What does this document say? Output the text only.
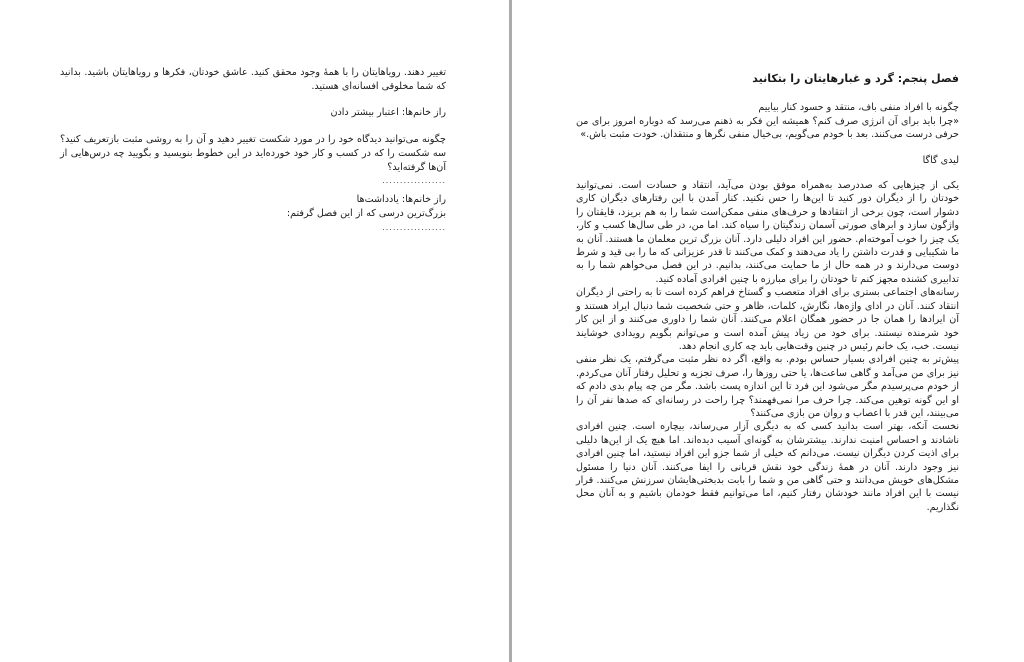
تغییر دهند. رویاهایتان را با همهٔ وجود محقق کنید. عاشق خودتان، فکرها و رویاهایتان باشید. بدانید که شما مخلوقی افسانه‌ای هستید.

راز خانم‌ها: اعتبار بیشتر دادن

چگونه می‌توانید دیدگاه خود را در مورد شکست تغییر دهید و آن را به روشی مثبت بازتعریف کنید؟ سه شکست را که در کسب و کار خود خورده‌اید در این خطوط بنویسید و بگویید چه درس‌هایی از آن‌ها گرفته‌اید؟

..................

راز خانم‌ها: یادداشت‌ها

بزرگ‌ترین درسی که از این فصل گرفتم:

..................

فصل پنجم: گرد و غبارهایتان را بتکانید

چگونه با افراد منفی باف، منتقد و حسود کنار بیاییم

«چرا باید برای آن انرژی صرف کنم؟ همیشه این فکر به ذهنم می‌رسد که دوباره امروز برای من حرفی درست می‌کنند. بعد با خودم می‌گویم، بی‌خیال منفی نگرها و منتقدان. خودت مثبت باش.»

لیدی گاگا

یکی از چیزهایی که صددرصد به‌همراه موفق بودن می‌آید، انتقاد و حسادت است. نمی‌توانید خودتان را از دیگران دور کنید تا این‌ها را حس نکنید. کنار آمدن با این رفتارهای دیگران کاری دشوار است، چون برخی از انتقادها و حرف‌های منفی ممکن‌است شما را به هم بریزد، قایقتان را واژگون سازد و ابرهای صورتی آسمان زندگیتان را سیاه کند. اما من، در طی سال‌ها کسب و کار، یک چیز را خوب آموخته‌ام. حضور این افراد دلیلی دارد. آنان بزرگ ترین معلمان ما هستند. آنان به ما شکیبایی و قدرت داشتن را یاد می‌دهند و کمک می‌کنند تا قدر عزیزانی که ما را بی قید و شرط دوست می‌دارند و در همه حال از ما حمایت می‌کنند، بدانیم. در این فصل می‌خواهم شما را به تدابیری کشنده مجهز کنم تا خودتان را برای مبارزه با چنین افرادی آماده کنید.

رسانه‌های اجتماعی بستری برای افراد متعصب و گستاخ فراهم کرده است تا به راحتی از دیگران انتقاد کنند. آنان در ادای واژه‌ها، نگارش، کلمات، ظاهر و حتی شخصیت شما دنبال ایراد هستند و آن ایرادها را همان جا در حضور همگان اعلام می‌کنند. آنان شما را داوری می‌کنند و از این کار خود شرمنده نیستند. برای خود من زیاد پیش آمده است و می‌توانم بگویم رویدادی خوشایند نیست. خب، یک خانم رئیس در چنین وقت‌هایی باید چه کاری انجام دهد.

پیش‌تر به چنین افرادی بسیار حساس بودم. به واقع، اگر ده نظر مثبت می‌گرفتم، یک نظر منفی نیز برای من می‌آمد و گاهی ساعت‌ها، یا حتی روزها را، صرف تجزیه و تحلیل رفتار آنان می‌کردم. از خودم می‌پرسیدم مگر می‌شود این فرد تا این اندازه پست باشد. مگر من چه پیام بدی دادم که او این گونه توهین می‌کند. چرا حرف مرا نمی‌فهمند؟ چرا راحت در رسانه‌ای که صدها نفر آن را می‌بینند، این قدر با اعصاب و روان من بازی می‌کنند؟

نخست آنکه، بهتر است بدانید کسی که به دیگری آزار می‌رساند، بیچاره است. چنین افرادی ناشادند و احساس امنیت ندارند. بیشترشان به گونه‌ای آسیب دیده‌اند. اما هیچ یک از این‌ها دلیلی برای اذیت کردن دیگران نیست. می‌دانم که خیلی از شما جزو این افراد نیستید، اما چنین افرادی نیز وجود دارند. آنان در همهٔ زندگی خود نقش قربانی را ایفا می‌کنند. آنان دنیا را مسئول مشکل‌های خویش می‌دانند و حتی گاهی من و شما را بابت بدبختی‌هایشان سرزنش می‌کنند. قرار نیست با این افراد مانند خودشان رفتار کنیم، اما می‌توانیم فقط خودمان باشیم و به آنان محل نگذاریم.
